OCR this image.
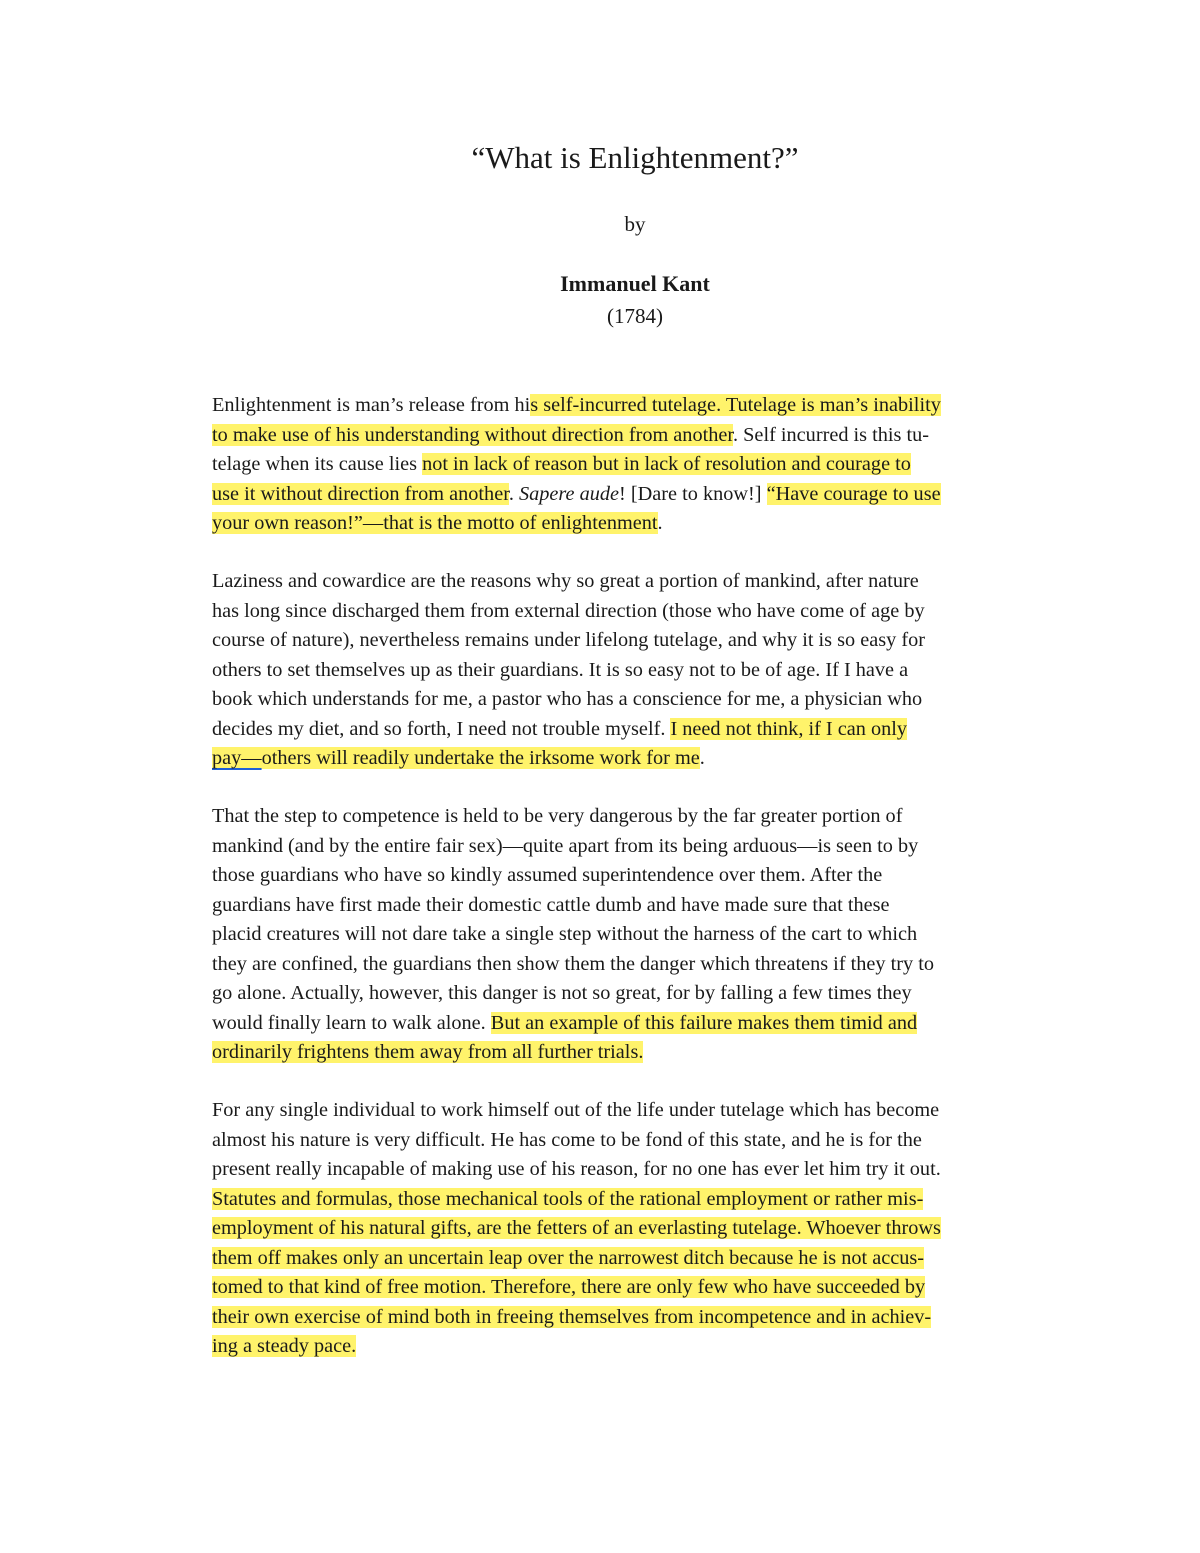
“What is Enlightenment?”
by
Immanuel Kant
(1784)
Enlightenment is man’s release from his self-incurred tutelage. Tutelage is man’s inability
to make use of his understanding without direction from another. Self incurred is this tu-
telage when its cause lies not in lack of reason but in lack of resolution and courage to
use it without direction from another. Sapere aude! [Dare to know!] “Have courage to use
your own reason!”—that is the motto of enlightenment.
Laziness and cowardice are the reasons why so great a portion of mankind, after nature
has long since discharged them from external direction (those who have come of age by
course of nature), nevertheless remains under lifelong tutelage, and why it is so easy for
others to set themselves up as their guardians. It is so easy not to be of age. If I have a
book which understands for me, a pastor who has a conscience for me, a physician who
decides my diet, and so forth, I need not trouble myself. I need not think, if I can only
pay—others will readily undertake the irksome work for me.
That the step to competence is held to be very dangerous by the far greater portion of
mankind (and by the entire fair sex)—quite apart from its being arduous—is seen to by
those guardians who have so kindly assumed superintendence over them. After the
guardians have first made their domestic cattle dumb and have made sure that these
placid creatures will not dare take a single step without the harness of the cart to which
they are confined, the guardians then show them the danger which threatens if they try to
go alone. Actually, however, this danger is not so great, for by falling a few times they
would finally learn to walk alone. But an example of this failure makes them timid and
ordinarily frightens them away from all further trials.
For any single individual to work himself out of the life under tutelage which has become
almost his nature is very difficult. He has come to be fond of this state, and he is for the
present really incapable of making use of his reason, for no one has ever let him try it out.
Statutes and formulas, those mechanical tools of the rational employment or rather mis-
employment of his natural gifts, are the fetters of an everlasting tutelage. Whoever throws
them off makes only an uncertain leap over the narrowest ditch because he is not accus-
tomed to that kind of free motion. Therefore, there are only few who have succeeded by
their own exercise of mind both in freeing themselves from incompetence and in achiev-
ing a steady pace.
